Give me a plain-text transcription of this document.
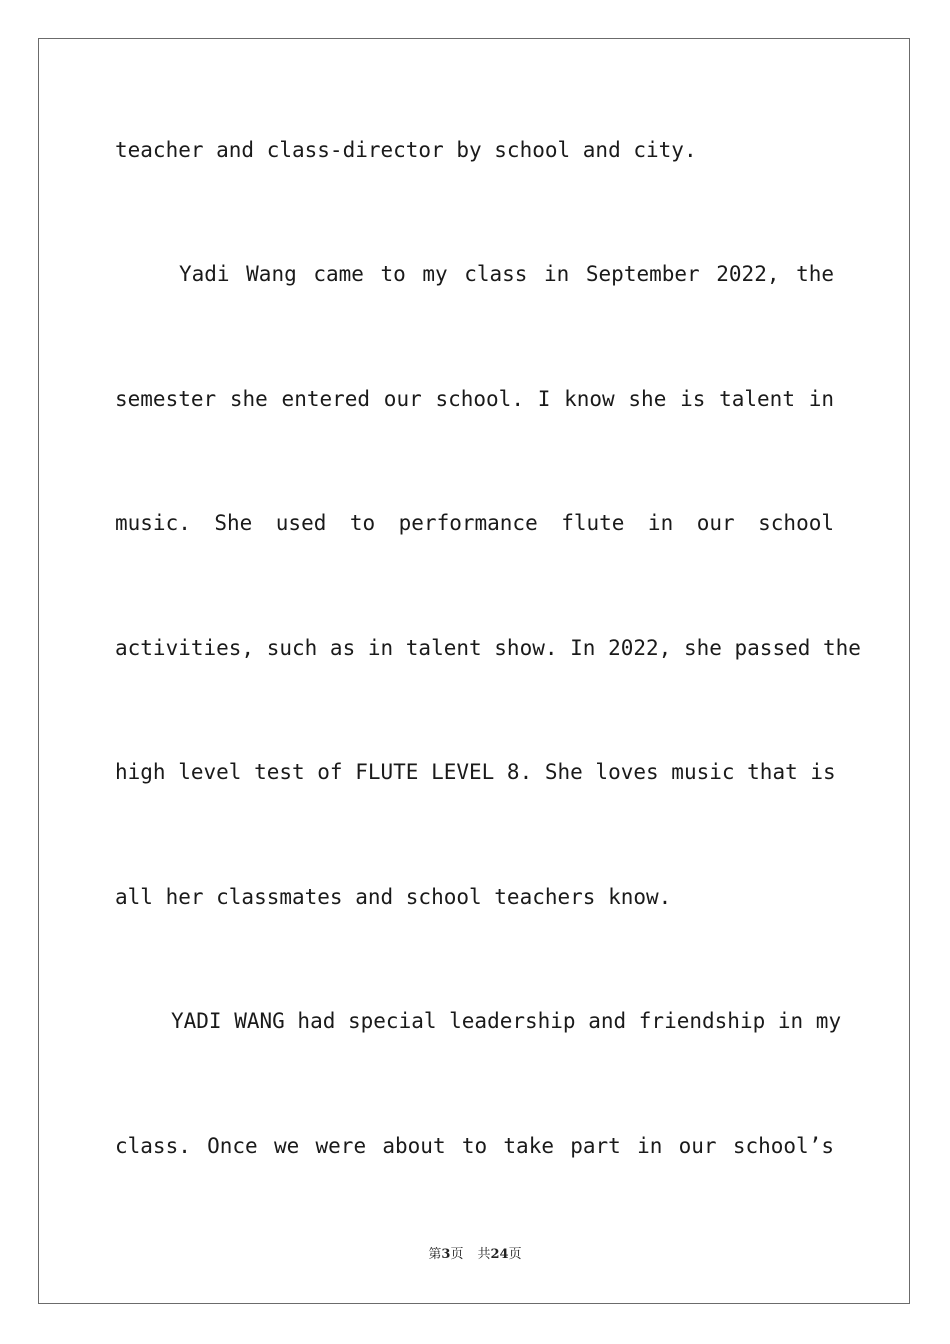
teacher and class-director by school and city.
Yadi Wang came to my class in September 2022, the
semester she entered our school. I know she is talent in
music. She used to performance flute in our school
activities, such as in talent show. In 2022, she passed the
high level test of FLUTE LEVEL 8. She loves music that is
all her classmates and school teachers know.
YADI WANG had special leadership and friendship in my
class. Once we were about to take part in our school’s
第3页 共24页
